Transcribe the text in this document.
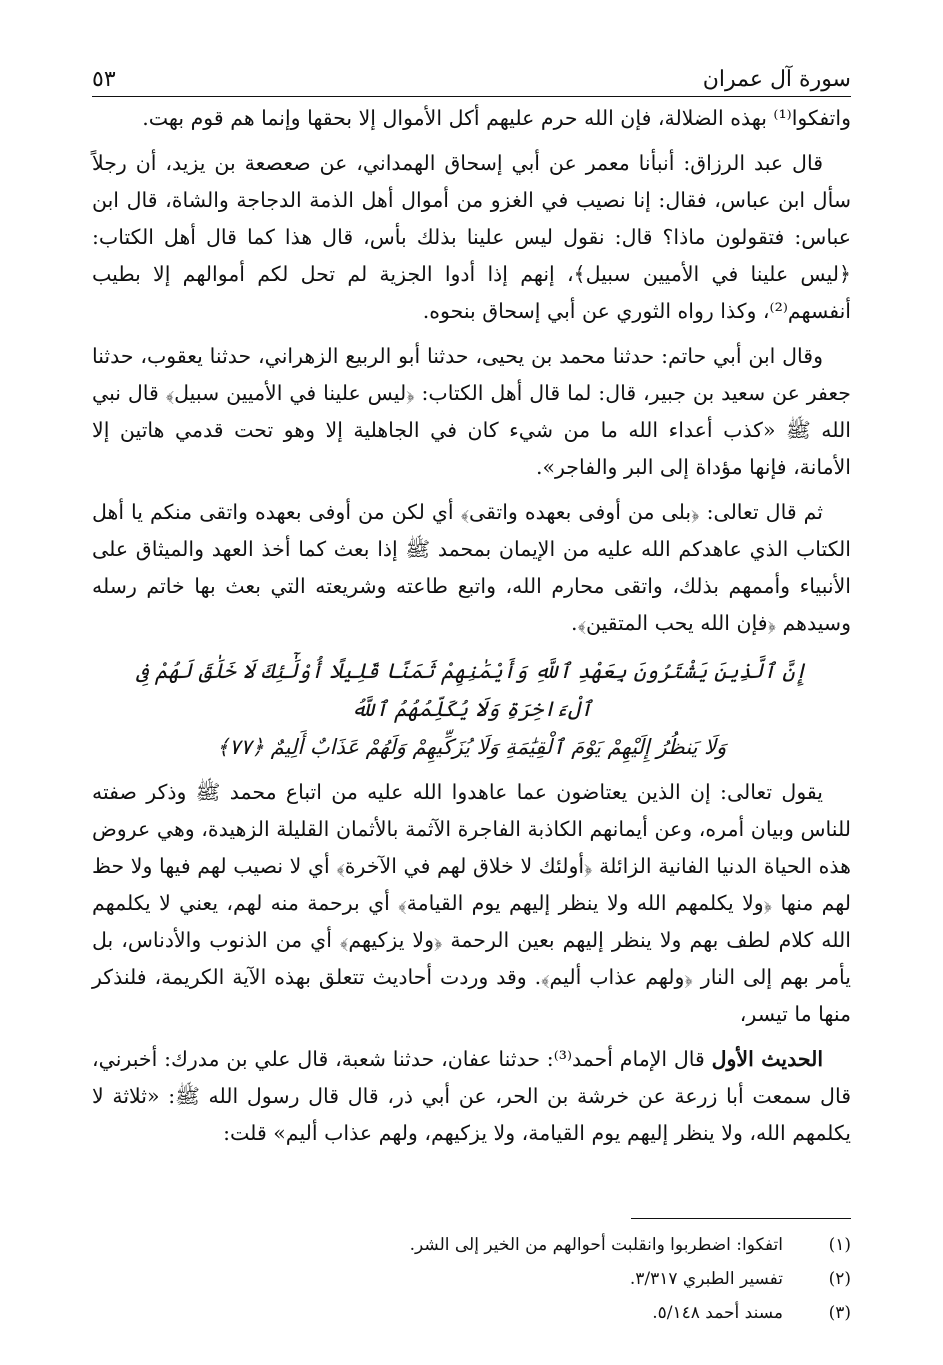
سورة آل عمران
٥٣

واتفكوا⁽¹⁾ بهذه الضلالة، فإن الله حرم عليهم أكل الأموال إلا بحقها وإنما هم قوم بهت.

قال عبد الرزاق: أنبأنا معمر عن أبي إسحاق الهمداني، عن صعصعة بن يزيد، أن رجلاً سأل ابن عباس، فقال: إنا نصيب في الغزو من أموال أهل الذمة الدجاجة والشاة، قال ابن عباس: فتقولون ماذا؟ قال: نقول ليس علينا بذلك بأس، قال هذا كما قال أهل الكتاب: ﴿ليس علينا في الأميين سبيل﴾، إنهم إذا أدوا الجزية لم تحل لكم أموالهم إلا بطيب أنفسهم⁽²⁾، وكذا رواه الثوري عن أبي إسحاق بنحوه.

وقال ابن أبي حاتم: حدثنا محمد بن يحيى، حدثنا أبو الربيع الزهراني، حدثنا يعقوب، حدثنا جعفر عن سعيد بن جبير، قال: لما قال أهل الكتاب: ﴿ليس علينا في الأميين سبيل﴾ قال نبي الله ﷺ «كذب أعداء الله ما من شيء كان في الجاهلية إلا وهو تحت قدمي هاتين إلا الأمانة، فإنها مؤداة إلى البر والفاجر».

ثم قال تعالى: ﴿بلى من أوفى بعهده واتقى﴾ أي لكن من أوفى بعهده واتقى منكم يا أهل الكتاب الذي عاهدكم الله عليه من الإيمان بمحمد ﷺ إذا بعث كما أخذ العهد والميثاق على الأنبياء وأممهم بذلك، واتقى محارم الله، واتبع طاعته وشريعته التي بعث بها خاتم رسله وسيدهم ﴿فإن الله يحب المتقين﴾.

إِنَّ ٱلَّذِينَ يَشْتَرُونَ بِعَهْدِ ٱللَّهِ وَأَيْمَٰنِهِمْ ثَمَنًا قَلِيلًا أُوْلَٰٓئِكَ لَا خَلَٰقَ لَهُمْ فِى ٱلْءَاخِرَةِ وَلَا يُكَلِّمُهُمُ ٱللَّهُ
وَلَا يَنظُرُ إِلَيْهِمْ يَوْمَ ٱلْقِيَٰمَةِ وَلَا يُزَكِّيهِمْ وَلَهُمْ عَذَابٌ أَلِيمٌ ﴿٧٧﴾

يقول تعالى: إن الذين يعتاضون عما عاهدوا الله عليه من اتباع محمد ﷺ وذكر صفته للناس وبيان أمره، وعن أيمانهم الكاذبة الفاجرة الآثمة بالأثمان القليلة الزهيدة، وهي عروض هذه الحياة الدنيا الفانية الزائلة ﴿أولئك لا خلاق لهم في الآخرة﴾ أي لا نصيب لهم فيها ولا حظ لهم منها ﴿ولا يكلمهم الله ولا ينظر إليهم يوم القيامة﴾ أي برحمة منه لهم، يعني لا يكلمهم الله كلام لطف بهم ولا ينظر إليهم بعين الرحمة ﴿ولا يزكيهم﴾ أي من الذنوب والأدناس، بل يأمر بهم إلى النار ﴿ولهم عذاب أليم﴾. وقد وردت أحاديث تتعلق بهذه الآية الكريمة، فلنذكر منها ما تيسر،

الحديث الأول قال الإمام أحمد⁽³⁾: حدثنا عفان، حدثنا شعبة، قال علي بن مدرك: أخبرني، قال سمعت أبا زرعة عن خرشة بن الحر، عن أبي ذر، قال قال رسول الله ﷺ: «ثلاثة لا يكلمهم الله، ولا ينظر إليهم يوم القيامة، ولا يزكيهم، ولهم عذاب أليم» قلت:

(١)
اتفكوا: اضطربوا وانقلبت أحوالهم من الخير إلى الشر.
(٢)
تفسير الطبري ٣/٣١٧.
(٣)
مسند أحمد ٥/١٤٨.
